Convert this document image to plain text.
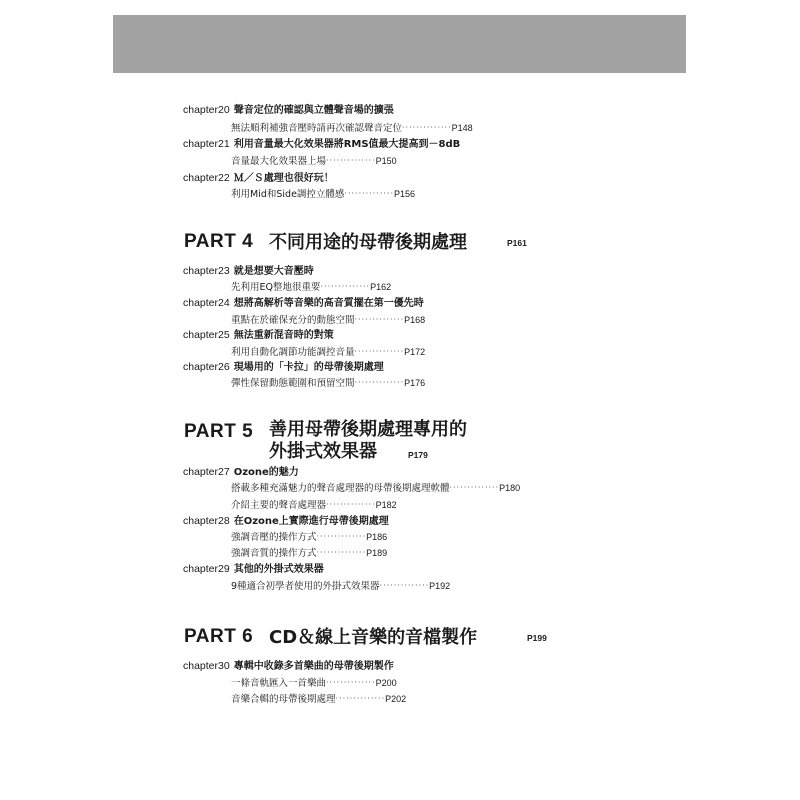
chapter20 聲音定位的確認與立體聲音場的擴張
無法順利補強音壓時請再次確認聲音定位··············P148
chapter21 利用音量最大化效果器將RMS值最大提高到－8dB
音量最大化效果器上場··············P150
chapter22 Ｍ／Ｓ處理也很好玩！
利用Mid和Side調控立體感··············P156
PART 4 不同用途的母帶後期處理	P161
chapter23 就是想要大音壓時
先利用EQ整地很重要··············P162
chapter24 想將高解析等音樂的高音質擺在第一優先時
重點在於確保充分的動態空間··············P168
chapter25 無法重新混音時的對策
利用自動化調節功能調控音量··············P172
chapter26 現場用的「卡拉」的母帶後期處理
彈性保留動態範圍和預留空間··············P176
PART 5 善用母帶後期處理專用的
外掛式效果器	P179
chapter27 Ozone的魅力
搭載多種充滿魅力的聲音處理器的母帶後期處理軟體··············P180
介紹主要的聲音處理器··············P182
chapter28 在Ozone上實際進行母帶後期處理
強調音壓的操作方式··············P186
強調音質的操作方式··············P189
chapter29 其他的外掛式效果器
9種適合初學者使用的外掛式效果器··············P192
PART 6 CD＆線上音樂的音檔製作	P199
chapter30 專輯中收錄多首樂曲的母帶後期製作
一條音軌匯入一首樂曲··············P200
音樂合輯的母帶後期處理··············P202
